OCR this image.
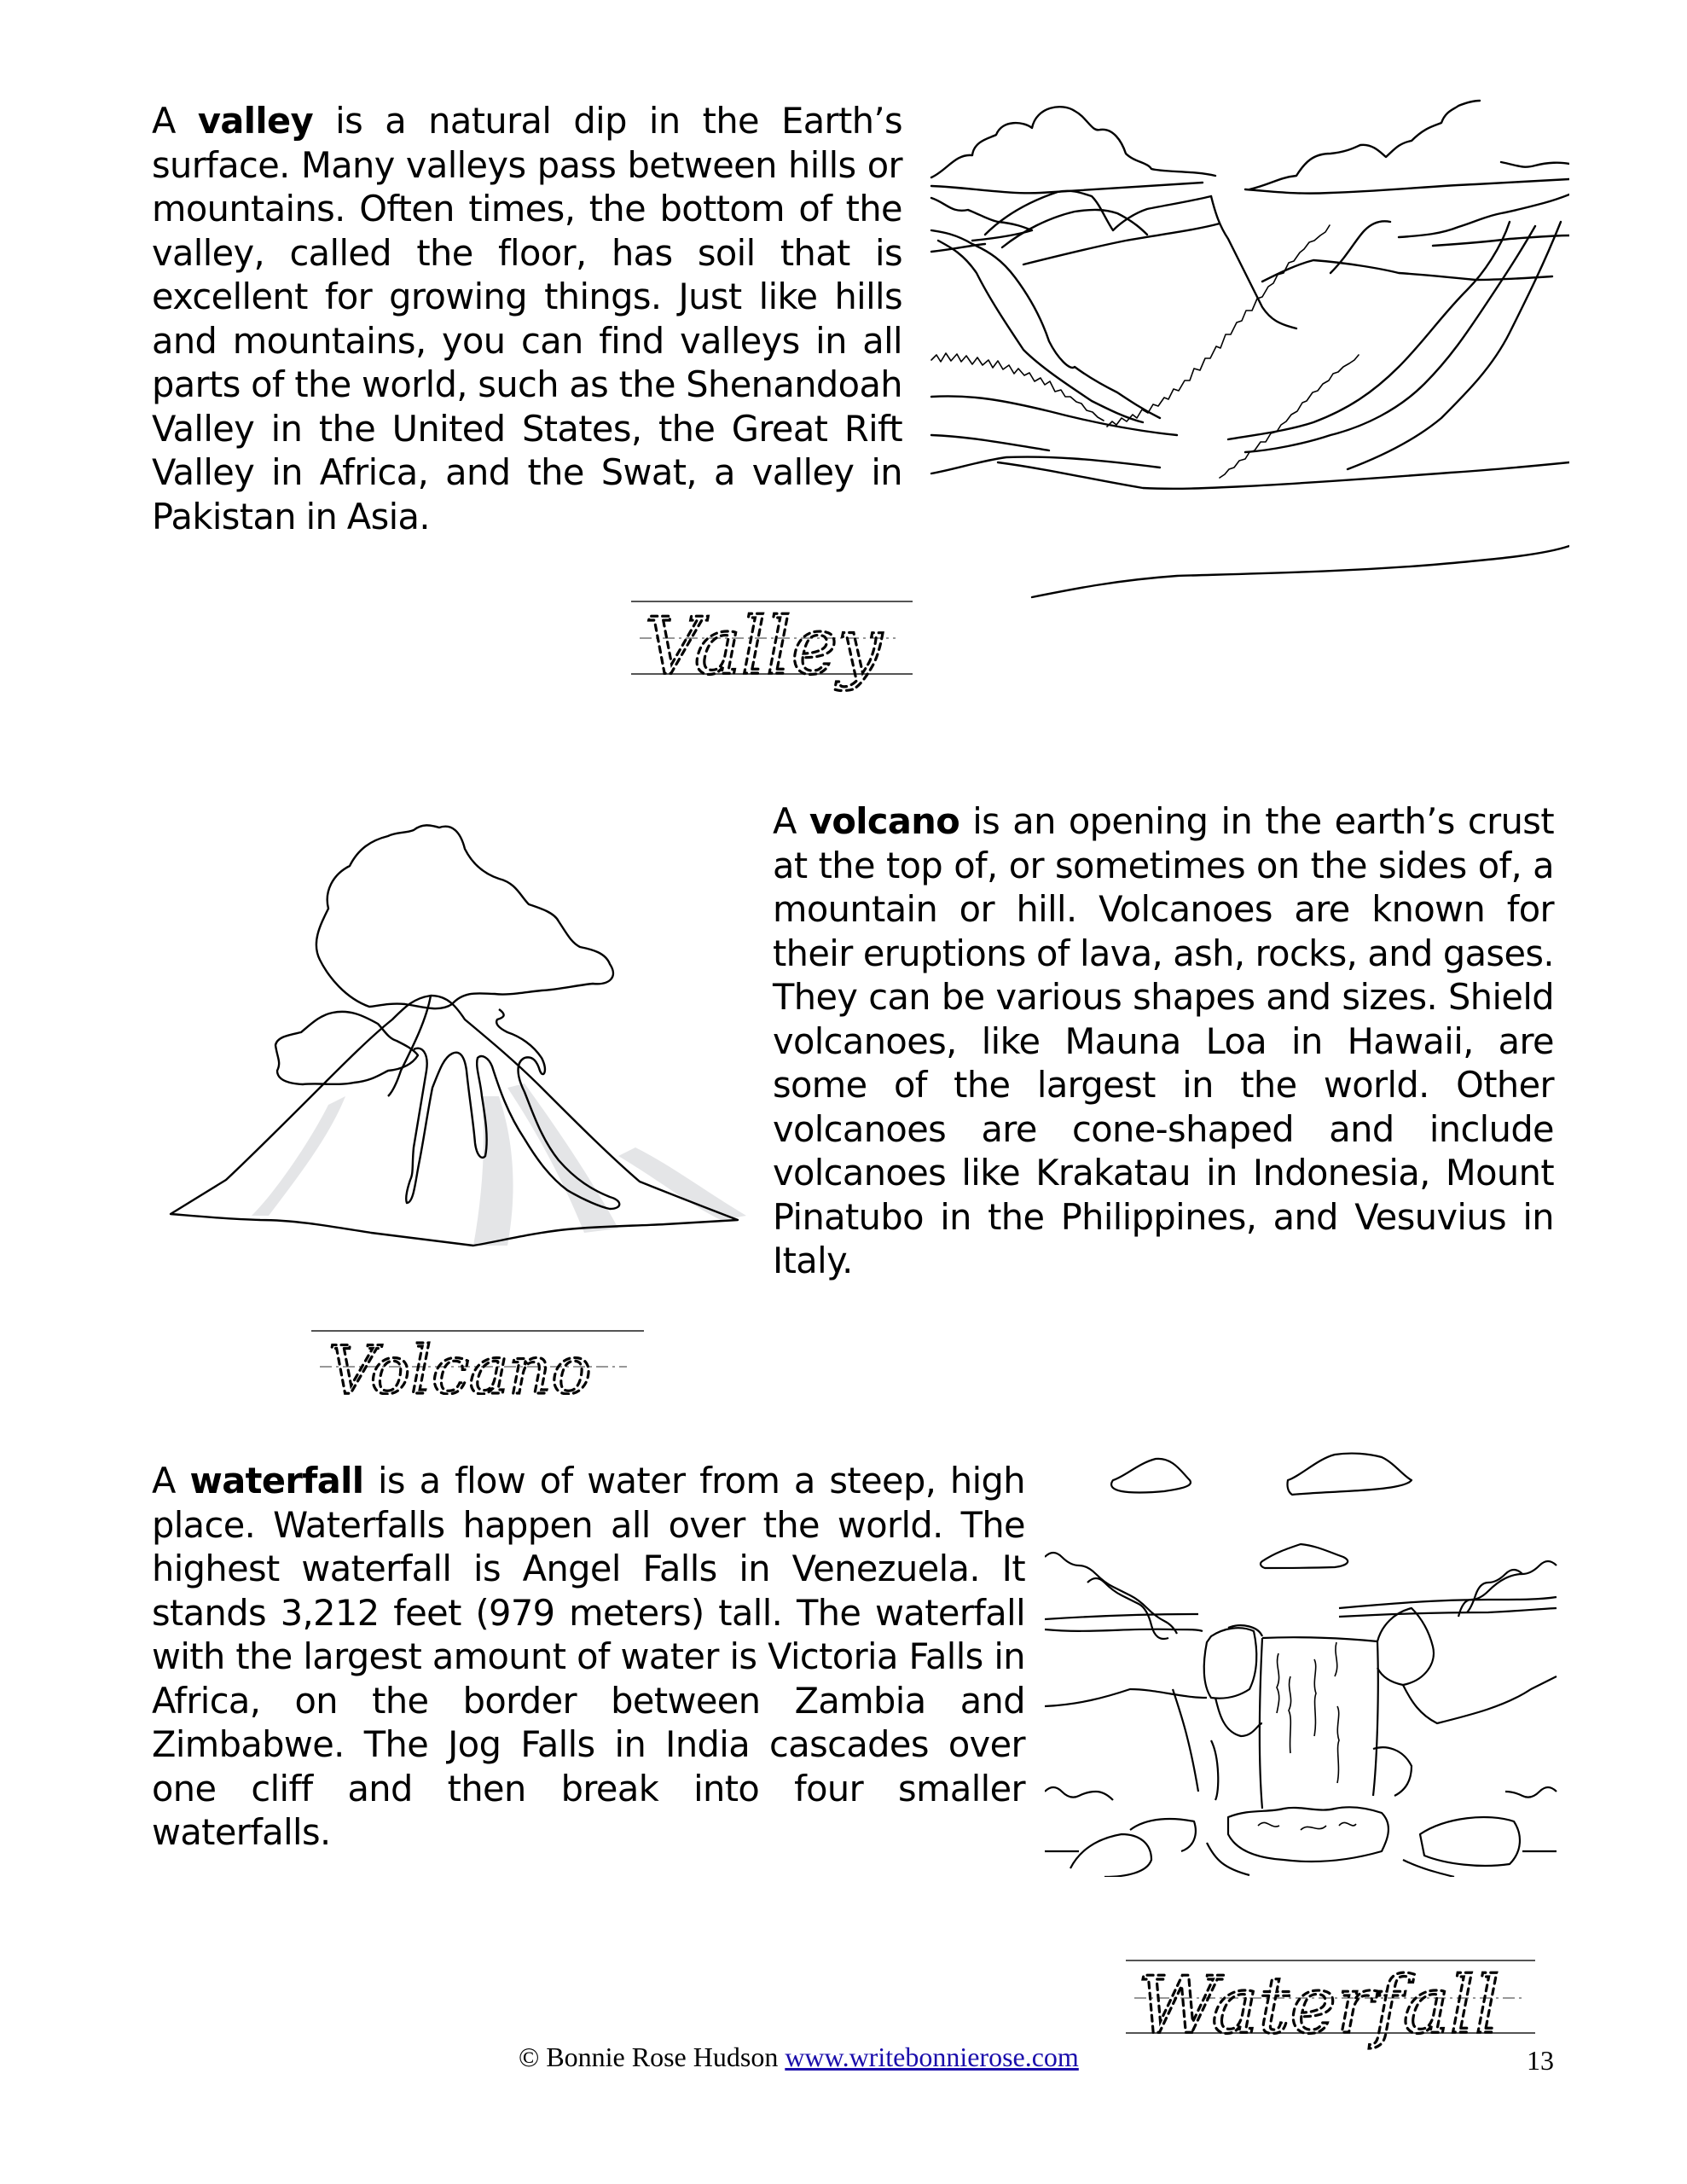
A valley is a natural dip in the Earth’s surface. Many valleys pass between hills or mountains. Often times, the bottom of the valley, called the floor, has soil that is excellent for growing things. Just like hills and mountains, you can find valleys in all parts of the world, such as the Shenandoah Valley in the United States, the Great Rift Valley in Africa, and the Swat, a valley in Pakistan in Asia.
Valley
A volcano is an opening in the earth’s crust at the top of, or sometimes on the sides of, a mountain or hill. Volcanoes are known for their eruptions of lava, ash, rocks, and gases. They can be various shapes and sizes. Shield volcanoes, like Mauna Loa in Hawaii, are some of the largest in the world. Other volcanoes are cone-shaped and include volcanoes like Krakatau in Indonesia, Mount Pinatubo in the Philippines, and Vesuvius in Italy.
Volcano
A waterfall is a flow of water from a steep, high place. Waterfalls happen all over the world. The highest waterfall is Angel Falls in Venezuela. It stands 3,212 feet (979 meters) tall. The waterfall with the largest amount of water is Victoria Falls in Africa, on the border between Zambia and Zimbabwe. The Jog Falls in India cascades over one cliff and then break into four smaller waterfalls.
Waterfall
© Bonnie Rose Hudson www.writebonnierose.com	13
